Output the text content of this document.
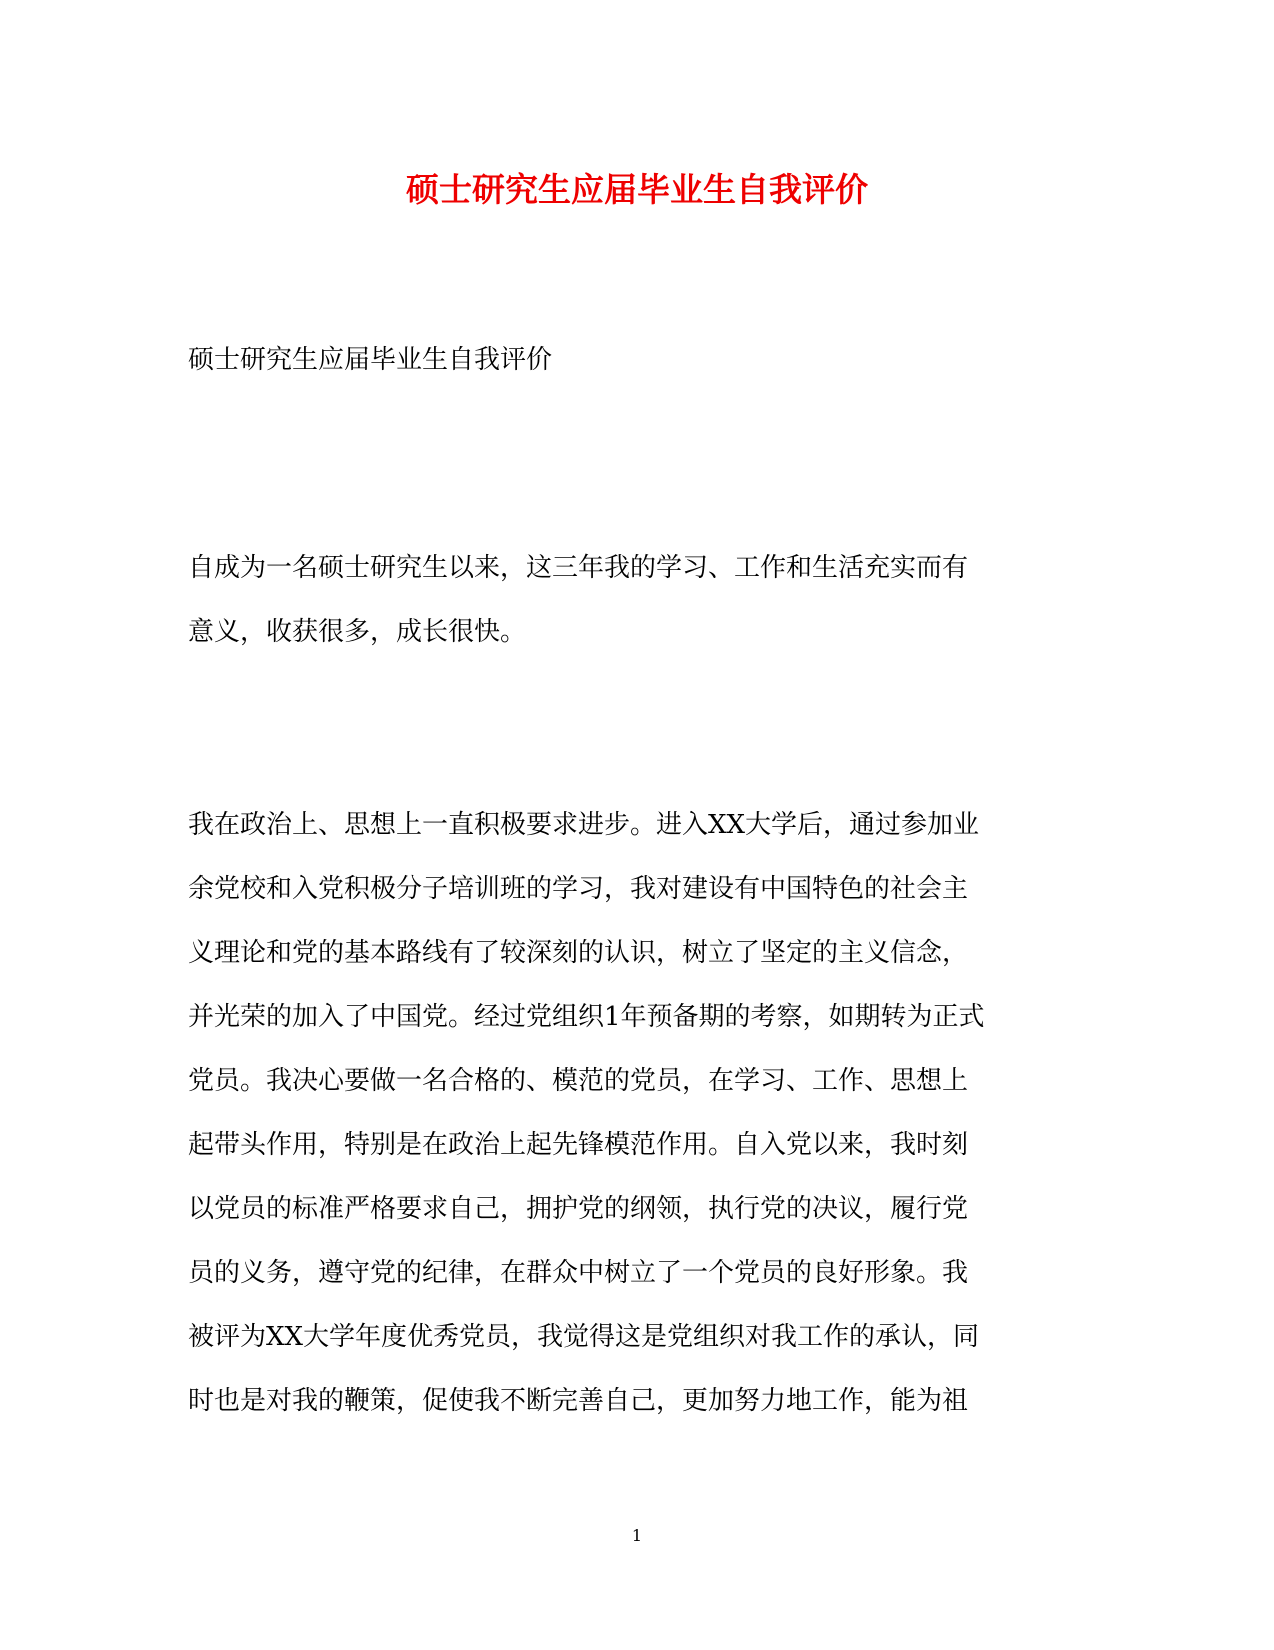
硕士研究生应届毕业生自我评价

硕士研究生应届毕业生自我评价

自成为一名硕士研究生以来，这三年我的学习、工作和生活充实而有
意义，收获很多，成长很快。
我在政治上、思想上一直积极要求进步。进入XX大学后，通过参加业
余党校和入党积极分子培训班的学习，我对建设有中国特色的社会主
义理论和党的基本路线有了较深刻的认识，树立了坚定的主义信念，
并光荣的加入了中国党。经过党组织1年预备期的考察，如期转为正式
党员。我决心要做一名合格的、模范的党员，在学习、工作、思想上
起带头作用，特别是在政治上起先锋模范作用。自入党以来，我时刻
以党员的标准严格要求自己，拥护党的纲领，执行党的决议，履行党
员的义务，遵守党的纪律，在群众中树立了一个党员的良好形象。我
被评为XX大学年度优秀党员，我觉得这是党组织对我工作的承认，同
时也是对我的鞭策，促使我不断完善自己，更加努力地工作，能为祖
1
